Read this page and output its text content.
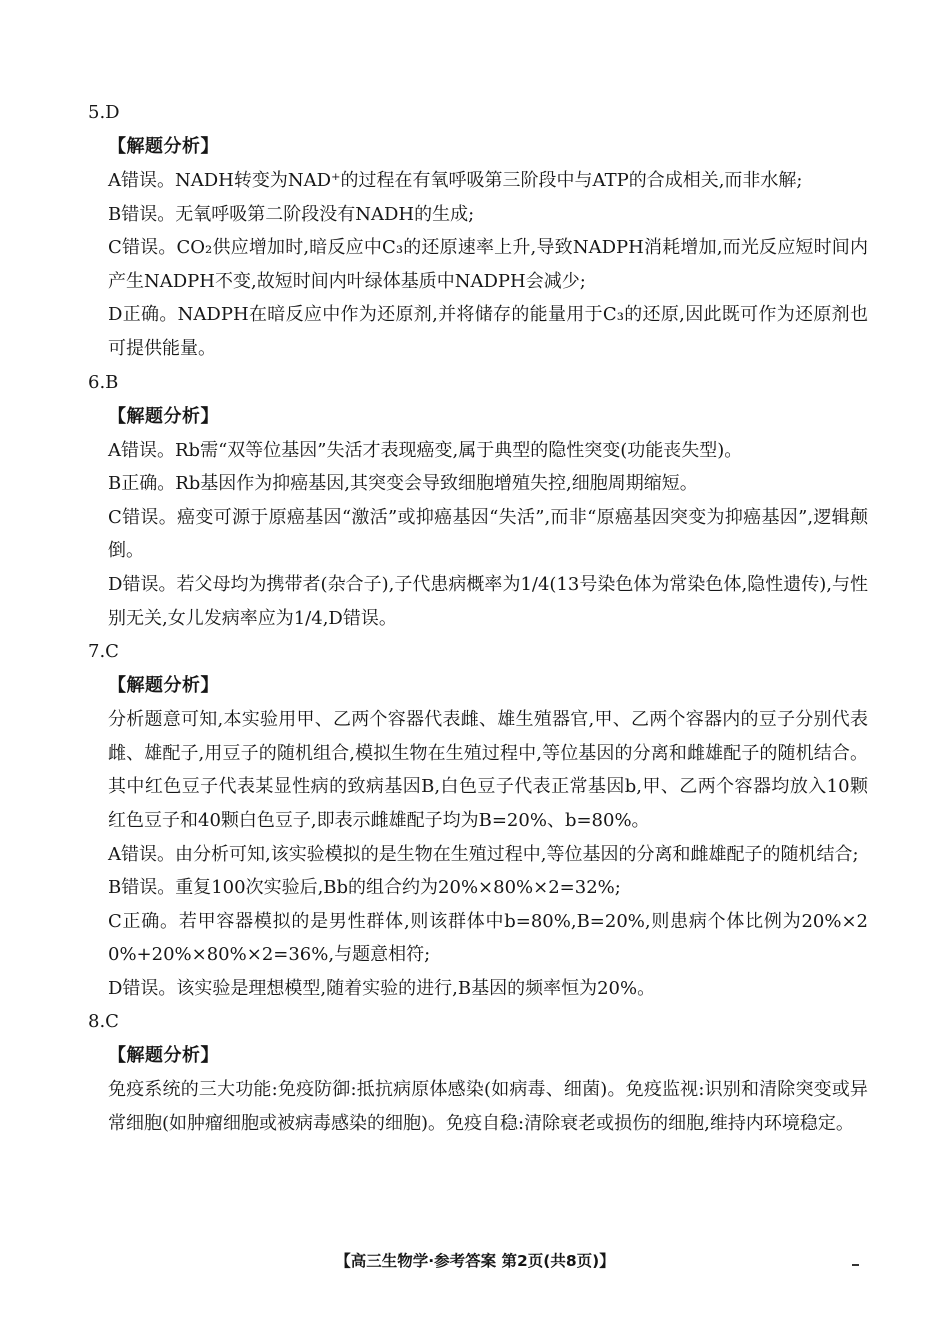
5.D
【解题分析】

A错误。NADH转变为NAD⁺的过程在有氧呼吸第三阶段中与ATP的合成相关,而非水解;

B错误。无氧呼吸第二阶段没有NADH的生成;

C错误。CO₂供应增加时,暗反应中C₃的还原速率上升,导致NADPH消耗增加,而光反应短时间内产生NADPH不变,故短时间内叶绿体基质中NADPH会减少;

D正确。NADPH在暗反应中作为还原剂,并将储存的能量用于C₃的还原,因此既可作为还原剂也可提供能量。

6.B
【解题分析】

A错误。Rb需“双等位基因”失活才表现癌变,属于典型的隐性突变(功能丧失型)。

B正确。Rb基因作为抑癌基因,其突变会导致细胞增殖失控,细胞周期缩短。

C错误。癌变可源于原癌基因“激活”或抑癌基因“失活”,而非“原癌基因突变为抑癌基因”,逻辑颠倒。

D错误。若父母均为携带者(杂合子),子代患病概率为1/4(13号染色体为常染色体,隐性遗传),与性别无关,女儿发病率应为1/4,D错误。

7.C
【解题分析】

分析题意可知,本实验用甲、乙两个容器代表雌、雄生殖器官,甲、乙两个容器内的豆子分别代表雌、雄配子,用豆子的随机组合,模拟生物在生殖过程中,等位基因的分离和雌雄配子的随机结合。其中红色豆子代表某显性病的致病基因B,白色豆子代表正常基因b,甲、乙两个容器均放入10颗红色豆子和40颗白色豆子,即表示雌雄配子均为B=20%、b=80%。

A错误。由分析可知,该实验模拟的是生物在生殖过程中,等位基因的分离和雌雄配子的随机结合;

B错误。重复100次实验后,Bb的组合约为20%×80%×2=32%;

C正确。若甲容器模拟的是男性群体,则该群体中b=80%,B=20%,则患病个体比例为20%×20%+20%×80%×2=36%,与题意相符;

D错误。该实验是理想模型,随着实验的进行,B基因的频率恒为20%。

8.C
【解题分析】

免疫系统的三大功能:免疫防御:抵抗病原体感染(如病毒、细菌)。免疫监视:识别和清除突变或异常细胞(如肿瘤细胞或被病毒感染的细胞)。免疫自稳:清除衰老或损伤的细胞,维持内环境稳定。

【高三生物学·参考答案 第2页(共8页)】
